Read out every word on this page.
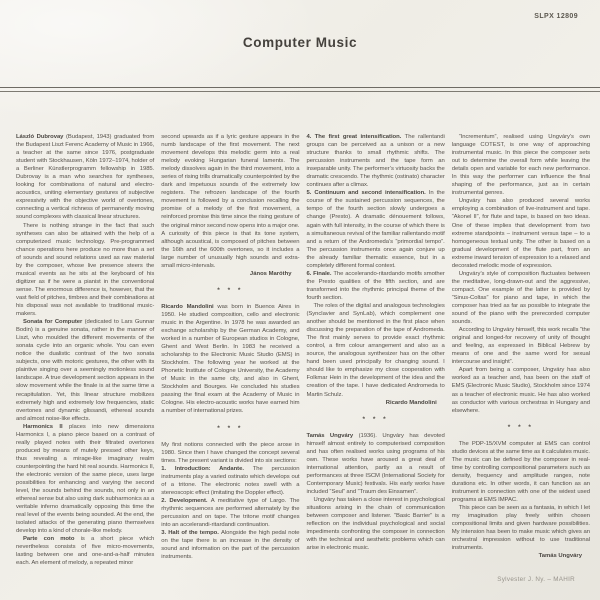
SLPX 12809
Computer Music

László Dubrovay (Budapest, 1943) graduated from the Budapest Liszt Ferenc Academy of Music in 1966, a teacher at the same since 1976, postgraduate student with Stockhausen, Köln 1972–1974, holder of a Berliner Künstlerprogramm fellowship in 1985. Dubrovay is a man who searches for syntheses, looking for combinations of natural and electro-acoustics, uniting elementary gestures of subjective expressivity with the objective world of overtones, connecting a vertical richness of permanently moving sound complexes with classical linear structures.

There is nothing strange in the fact that such syntheses can also be attained with the help of a computerized music technology. Pre-programmed chance operations here produce no more than a set of sounds and sound relations used as raw material by the composer, whose live presence steers the musical events as he sits at the keyboard of his digitizer as if he were a pianist in the conventional sense. The enormous difference is, however, that the vast field of pitches, timbres and their combinations at his disposal was not available to traditional music-makers.

Sonata for Computer (dedicated to Lars Gunnar Bodin) is a genuine sonata, rather in the manner of Liszt, who moulded the different movements of the sonata cycle into an organic whole. You can even notice the dualistic contrast of the two sonata subjects, one with motoric gestures, the other with its plaintive singing over a seemingly motionless sound landscape. A true development section appears in the slow movement while the finale is at the same time a recapitulation. Yet, this linear structure mobilizes extremely high and extremely low frequencies, static overtones and dynamic glissandi, ethereal sounds and almost noise-like effects.

Harmonics II places into new dimensions Harmonics I, a piano piece based on a contrast of really played notes with their filtrated overtones produced by means of mutely pressed other keys, thus revealing a mirage-like imaginary realm counterpointing the hard hit real sounds. Harmonics II, the electronic version of the same piece, uses large possibilities for enhancing and varying the second level, the sounds behind the sounds, not only in an ethereal sense but also using dark subharmonics as a veritable inferno dramatically opposing this time the real level of the events being sounded. At the end, the isolated attacks of the generating piano themselves develop into a kind of chorale-like melody.

Parte con moto is a short piece which nevertheless consists of five micro-movements, lasting between one and one-and-a-half minutes each. An element of melody, a repeated minor

second upwards as if a lyric gesture appears in the numb landscape of the first movement. The next movement develops this melodic germ into a real melody evoking Hungarian funeral laments. The melody dissolves again in the third movement, into a series of rising trills dramatically counterpointed by the dark and impetuous sounds of the extremely low registers. The refrozen landscape of the fourth movement is followed by a conclusion recalling the promise of a melody of the first movement, a reinforced promise this time since the rising gesture of the original minor second now opens into a major one. A curiosity of this piece is that its tone system, although acoustical, is composed of pitches between the 16th and the 600th overtones, so it includes a large number of unusually high sounds and extra-small micro-intervals.

János Maróthy
* * *

Ricardo Mandolini was born in Buenos Aires in 1950. He studied composition, cello and electronic music in the Argentine. In 1978 he was awarded an exchange scholarship by the German Academy, and worked in a number of European studios in Cologne, Ghent and West Berlin. In 1983 he received a scholarship to the Electronic Music Studio (EMS) in Stockholm. The following year he worked at the Phonetic Institute of Cologne University, the Academy of Music in the same city, and also in Ghent, Stockholm and Bourges. He concluded his studies passing the final exam at the Academy of Music in Cologne. His electro-acoustic works have earned him a number of international prizes.

* * *

My first notions connected with the piece arose in 1980. Since then I have changed the concept several times. The present variant is divided into six sections:

1. Introduction: Andante. The percussion instruments play a varied ostinato which develops out of a tritone. The electronic notes swell with a stereoscopic effect (imitating the Doppler effect).

2. Development. A meditative type of Largo. The rhythmic sequences are performed alternately by the percussion and on tape. The tritone motif changes into an accelerandi-ritardandi continuation.

3. Halt of the tempo. Alongside the high pedal note on the tape there is an increase in the density of sound and information on the part of the percussion instruments.

4. The first great intensification. The rallentandi groups can be perceived as a unison or a new structure thanks to small rhythmic shifts. The percussion instruments and the tape form an inseparable unity. The performer’s virtuosity backs the dramatic crescendo. The rhythmic (ostinato) character continues after a climax.

5. Continuum and second intensification. In the course of the sustained percussion sequences, the tempo of the fourth section slowly undergoes a change (Presto). A dramatic dénouement follows, again with full intensity, in the course of which there is a simultaneous revival of the familiar rallentando motif and a return of the Andromeda’s “primordial tempo”. The percussion instruments once again conjure up the already familiar thematic essence, but in a completely different formal context.

6. Finale. The accelerando-ritardando motifs smother the Presto qualities of the fifth section, and are transformed into the rhythmic principal theme of the fourth section.

The roles of the digital and analogous technologies (Synclavier and SynLab), which complement one another should be mentioned in the first place when discussing the preparation of the tape of Andromeda. The first mainly serves to provide exact rhythmic control, a firm colour arrangement and also as a source, the analogous synthesizer has on the other hand been used principally for changing sound. I should like to emphasize my close cooperation with Folkmar Hein in the development of the idea and the creation of the tape. I have dedicated Andromeda to Martin Schulz.

Ricardo Mandolini
* * *

Tamás Ungváry (1936). Ungváry has devoted himself almost entirely to computerised composition and has often realised works using programs of his own. These works have aroused a great deal of international attention, partly as a result of performances at three ISCM (International Society for Contemporary Music) festivals. His early works have included “Seul” and “Traum des Einsamen”.

Ungváry has taken a close interest in psychological situations arising in the chain of communication between composer and listener. “Basic Barrier” is a reflection on the individual psychological and social impediments confronting the composer in connection with the technical and aesthetic problems which can arise in electronic music.

“Incrementum”, realised using Ungváry’s own language COTEST, is one way of approaching instrumental music. In this piece the composer sets out to determine the overall form while leaving the details open and variable for each new performance. In this way the performer can influence the final shaping of the performance, just as in certain instrumental genres.

Ungváry has also produced several works employing a combination of live-instrument and tape. “Akonel II”, for flute and tape, is based on two ideas. One of these implies that development from two extreme standpoints – instrument versus tape – to a homogeneous textual unity. The other is based on a gradual development of the flute part, from an extreme inward tension of expression to a relaxed and decorated melodic mode of expression.

Ungváry’s style of composition fluctuates between the meditative, long-drawn-out and the aggressive, compact. One example of the latter is provided by “Sinus-Coltas” for piano and tape, in which the composer has tried as far as possible to integrate the sound of the piano with the prerecorded computer sounds.

According to Ungváry himself, this work recalls “the original and longed-for recovery of unity of thought and feeling, as expressed in Biblical Hebrew by means of one and the same word for sexual intercourse and insight”.

Apart from being a composer, Ungváry has also worked as a teacher and, has been on the staff of EMS (Electronic Music Studio), Stockholm since 1974 as a teacher of electronic music. He has also worked as conductor with various orchestras in Hungary and elsewhere.

* * *

The PDP-15/XVM computer at EMS can control studio devices at the same time as it calculates music. The music can be defined by the composer in real-time by controlling compositional parameters such as density, frequency and amplitude ranges, note durations etc. In other words, it can function as an instrument in connection with one of the widest used programs at EMS IMPAC.

This piece can be seen as a fantasia, in which I let my imagination play freely within chosen compositional limits and given hardware possibilities. My intension has been to make music which gives an orchestral impression without to use traditional instruments.

Tamás Ungváry
Sylvester J. Ny. – MAHIR
